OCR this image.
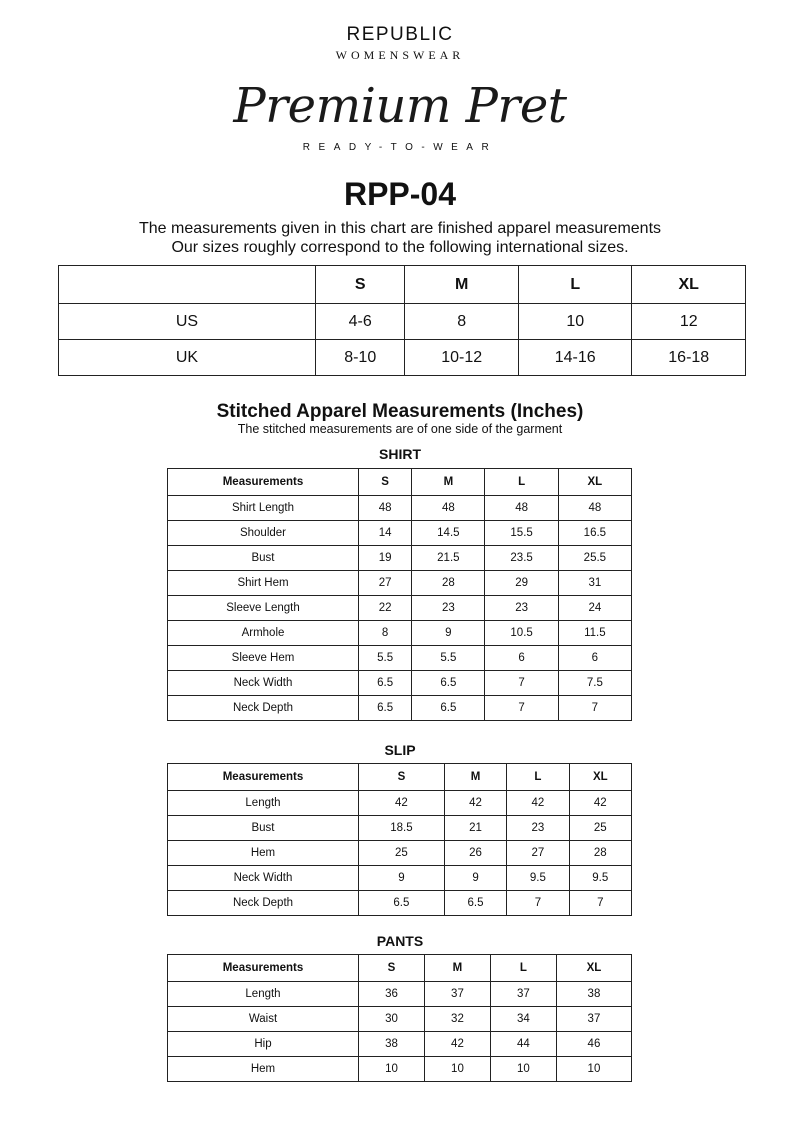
REPUBLIC
WOMENSWEAR
Premium Pret
READY-TO-WEAR
RPP-04
The measurements given in this chart are finished apparel measurements
Our sizes roughly correspond to the following international sizes.
	S	M	L	XL
US	4-6	8	10	12
UK	8-10	10-12	14-16	16-18
Stitched Apparel Measurements (Inches)
The stitched measurements are of one side of the garment
SHIRT
Measurements	S	M	L	XL
Shirt Length	48	48	48	48
Shoulder	14	14.5	15.5	16.5
Bust	19	21.5	23.5	25.5
Shirt Hem	27	28	29	31
Sleeve Length	22	23	23	24
Armhole	8	9	10.5	11.5
Sleeve Hem	5.5	5.5	6	6
Neck Width	6.5	6.5	7	7.5
Neck Depth	6.5	6.5	7	7
SLIP
Measurements	S	M	L	XL
Length	42	42	42	42
Bust	18.5	21	23	25
Hem	25	26	27	28
Neck Width	9	9	9.5	9.5
Neck Depth	6.5	6.5	7	7
PANTS
Measurements	S	M	L	XL
Length	36	37	37	38
Waist	30	32	34	37
Hip	38	42	44	46
Hem	10	10	10	10
